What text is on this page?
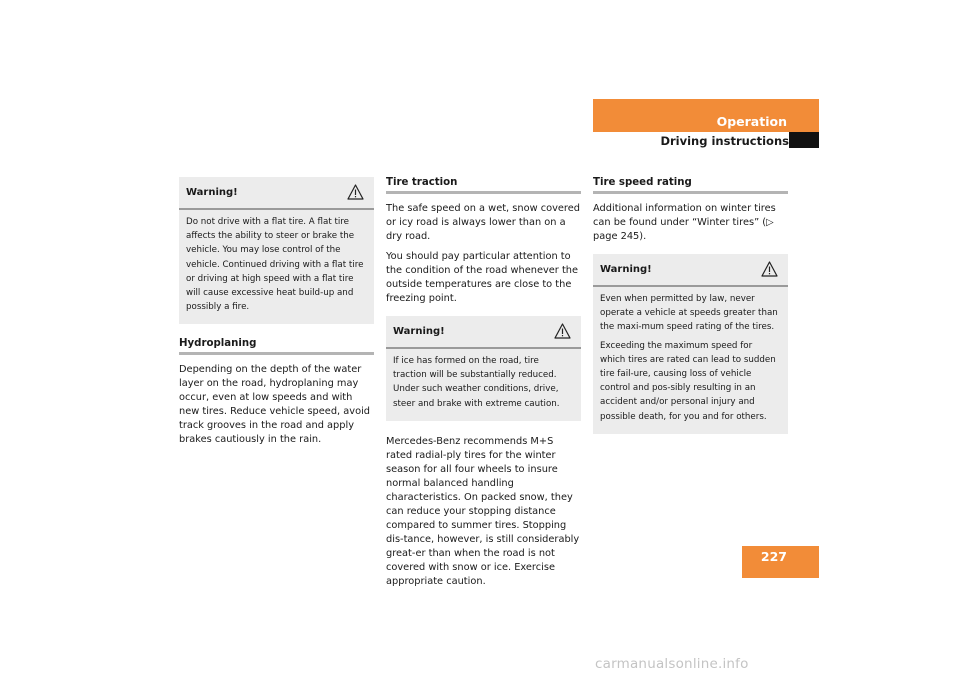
Operation
Driving instructions
Warning!

Do not drive with a flat tire. A flat tire affects the ability to steer or brake the vehicle. You may lose control of the vehicle. Continued driving with a flat tire or driving at high speed with a flat tire will cause excessive heat build-up and possibly a fire.

Hydroplaning

Depending on the depth of the water layer on the road, hydroplaning may occur, even at low speeds and with new tires. Reduce vehicle speed, avoid track grooves in the road and apply brakes cautiously in the rain.

Tire traction

The safe speed on a wet, snow covered or icy road is always lower than on a dry road.

You should pay particular attention to the condition of the road whenever the outside temperatures are close to the freezing point.

Warning!

If ice has formed on the road, tire traction will be substantially reduced. Under such weather conditions, drive, steer and brake with extreme caution.

Mercedes-Benz recommends M+S rated radial-ply tires for the winter season for all four wheels to insure normal balanced handling characteristics. On packed snow, they can reduce your stopping distance compared to summer tires. Stopping dis-tance, however, is still considerably great-er than when the road is not covered with snow or ice. Exercise appropriate caution.

Tire speed rating

Additional information on winter tires can be found under “Winter tires” (▷ page 245).

Warning!

Even when permitted by law, never operate a vehicle at speeds greater than the maxi-mum speed rating of the tires.

Exceeding the maximum speed for which tires are rated can lead to sudden tire fail-ure, causing loss of vehicle control and pos-sibly resulting in an accident and/or personal injury and possible death, for you and for others.

227
carmanualsonline.info
